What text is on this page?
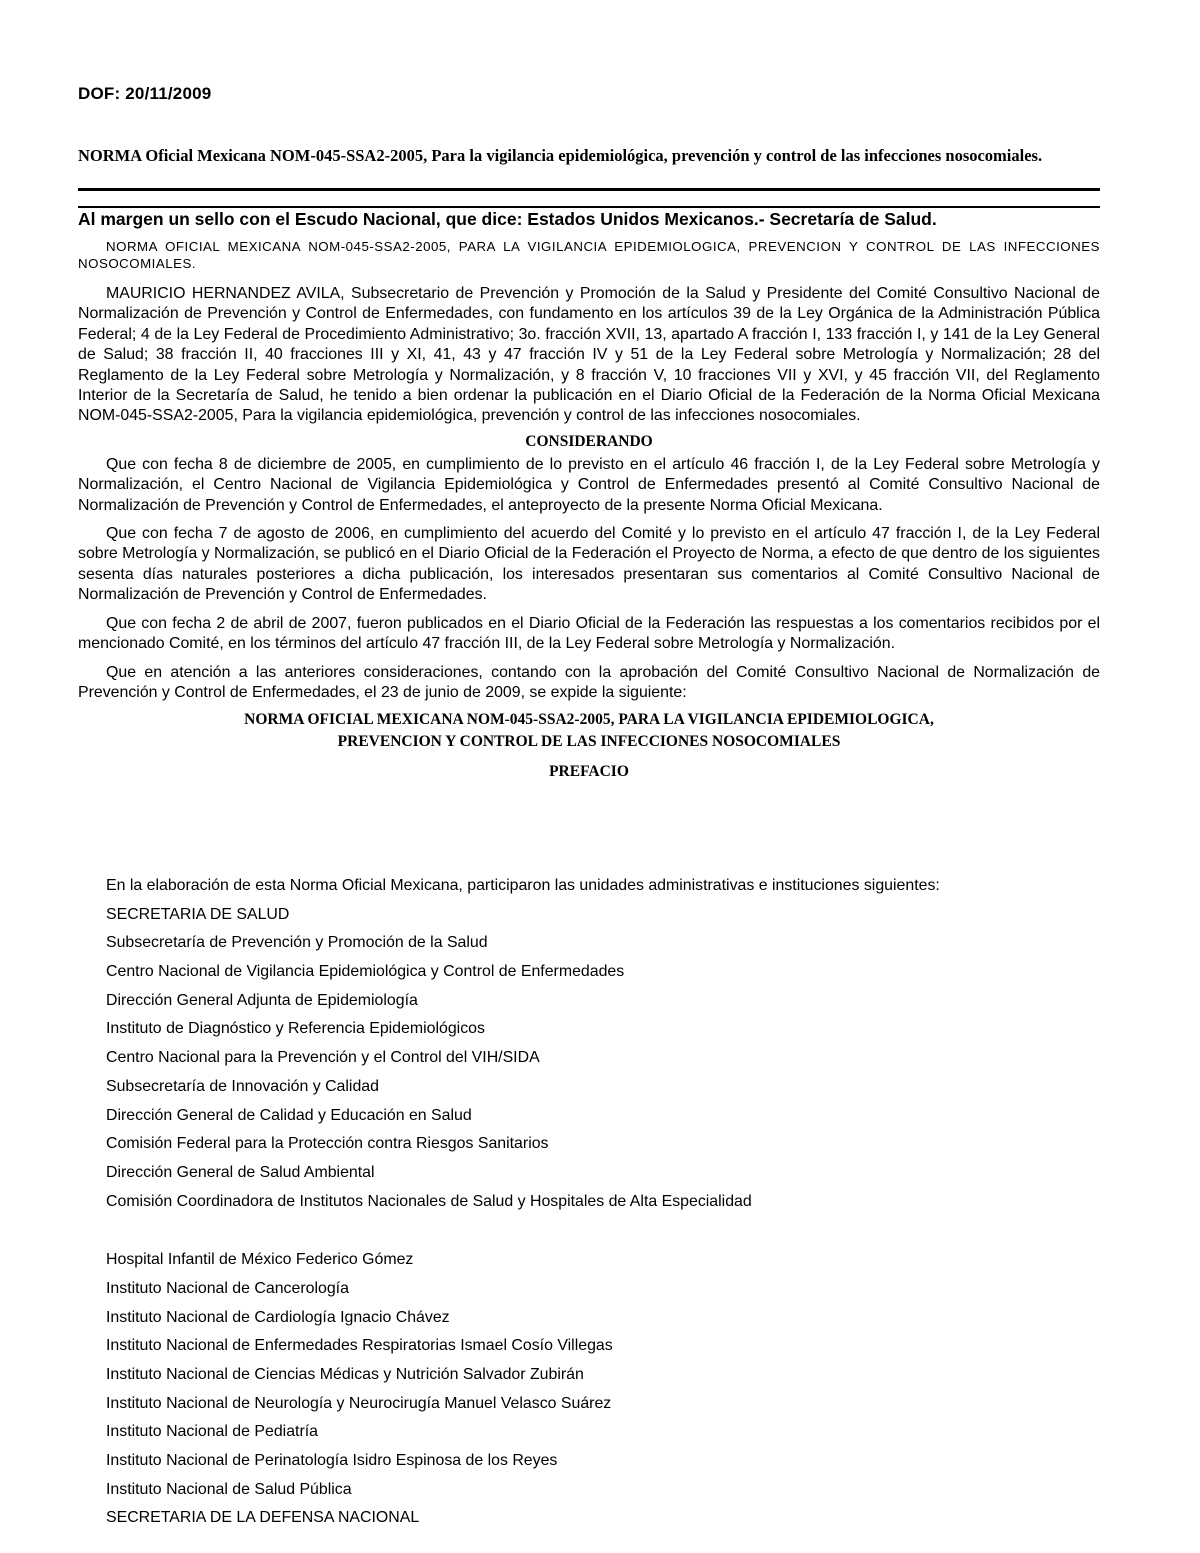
DOF: 20/11/2009
NORMA Oficial Mexicana NOM-045-SSA2-2005, Para la vigilancia epidemiológica, prevención y control de las infecciones nosocomiales.
Al margen un sello con el Escudo Nacional, que dice: Estados Unidos Mexicanos.- Secretaría de Salud.

NORMA OFICIAL MEXICANA NOM-045-SSA2-2005, PARA LA VIGILANCIA EPIDEMIOLOGICA, PREVENCION Y CONTROL DE LAS INFECCIONES NOSOCOMIALES.

MAURICIO HERNANDEZ AVILA, Subsecretario de Prevención y Promoción de la Salud y Presidente del Comité Consultivo Nacional de Normalización de Prevención y Control de Enfermedades, con fundamento en los artículos 39 de la Ley Orgánica de la Administración Pública Federal; 4 de la Ley Federal de Procedimiento Administrativo; 3o. fracción XVII, 13, apartado A fracción I, 133 fracción I, y 141 de la Ley General de Salud; 38 fracción II, 40 fracciones III y XI, 41, 43 y 47 fracción IV y 51 de la Ley Federal sobre Metrología y Normalización; 28 del Reglamento de la Ley Federal sobre Metrología y Normalización, y 8 fracción V, 10 fracciones VII y XVI, y 45 fracción VII, del Reglamento Interior de la Secretaría de Salud, he tenido a bien ordenar la publicación en el Diario Oficial de la Federación de la Norma Oficial Mexicana NOM-045-SSA2-2005, Para la vigilancia epidemiológica, prevención y control de las infecciones nosocomiales.

CONSIDERANDO

Que con fecha 8 de diciembre de 2005, en cumplimiento de lo previsto en el artículo 46 fracción I, de la Ley Federal sobre Metrología y Normalización, el Centro Nacional de Vigilancia Epidemiológica y Control de Enfermedades presentó al Comité Consultivo Nacional de Normalización de Prevención y Control de Enfermedades, el anteproyecto de la presente Norma Oficial Mexicana.

Que con fecha 7 de agosto de 2006, en cumplimiento del acuerdo del Comité y lo previsto en el artículo 47 fracción I, de la Ley Federal sobre Metrología y Normalización, se publicó en el Diario Oficial de la Federación el Proyecto de Norma, a efecto de que dentro de los siguientes sesenta días naturales posteriores a dicha publicación, los interesados presentaran sus comentarios al Comité Consultivo Nacional de Normalización de Prevención y Control de Enfermedades.

Que con fecha 2 de abril de 2007, fueron publicados en el Diario Oficial de la Federación las respuestas a los comentarios recibidos por el mencionado Comité, en los términos del artículo 47 fracción III, de la Ley Federal sobre Metrología y Normalización.

Que en atención a las anteriores consideraciones, contando con la aprobación del Comité Consultivo Nacional de Normalización de Prevención y Control de Enfermedades, el 23 de junio de 2009, se expide la siguiente:

NORMA OFICIAL MEXICANA NOM-045-SSA2-2005, PARA LA VIGILANCIA EPIDEMIOLOGICA,

PREVENCION Y CONTROL DE LAS INFECCIONES NOSOCOMIALES

PREFACIO

En la elaboración de esta Norma Oficial Mexicana, participaron las unidades administrativas e instituciones siguientes:
SECRETARIA DE SALUD
Subsecretaría de Prevención y Promoción de la Salud
Centro Nacional de Vigilancia Epidemiológica y Control de Enfermedades
Dirección General Adjunta de Epidemiología
Instituto de Diagnóstico y Referencia Epidemiológicos
Centro Nacional para la Prevención y el Control del VIH/SIDA
Subsecretaría de Innovación y Calidad
Dirección General de Calidad y Educación en Salud
Comisión Federal para la Protección contra Riesgos Sanitarios
Dirección General de Salud Ambiental
Comisión Coordinadora de Institutos Nacionales de Salud y Hospitales de Alta Especialidad
Hospital Infantil de México Federico Gómez
Instituto Nacional de Cancerología
Instituto Nacional de Cardiología Ignacio Chávez
Instituto Nacional de Enfermedades Respiratorias Ismael Cosío Villegas
Instituto Nacional de Ciencias Médicas y Nutrición Salvador Zubirán
Instituto Nacional de Neurología y Neurocirugía Manuel Velasco Suárez
Instituto Nacional de Pediatría
Instituto Nacional de Perinatología Isidro Espinosa de los Reyes
Instituto Nacional de Salud Pública
SECRETARIA DE LA DEFENSA NACIONAL
